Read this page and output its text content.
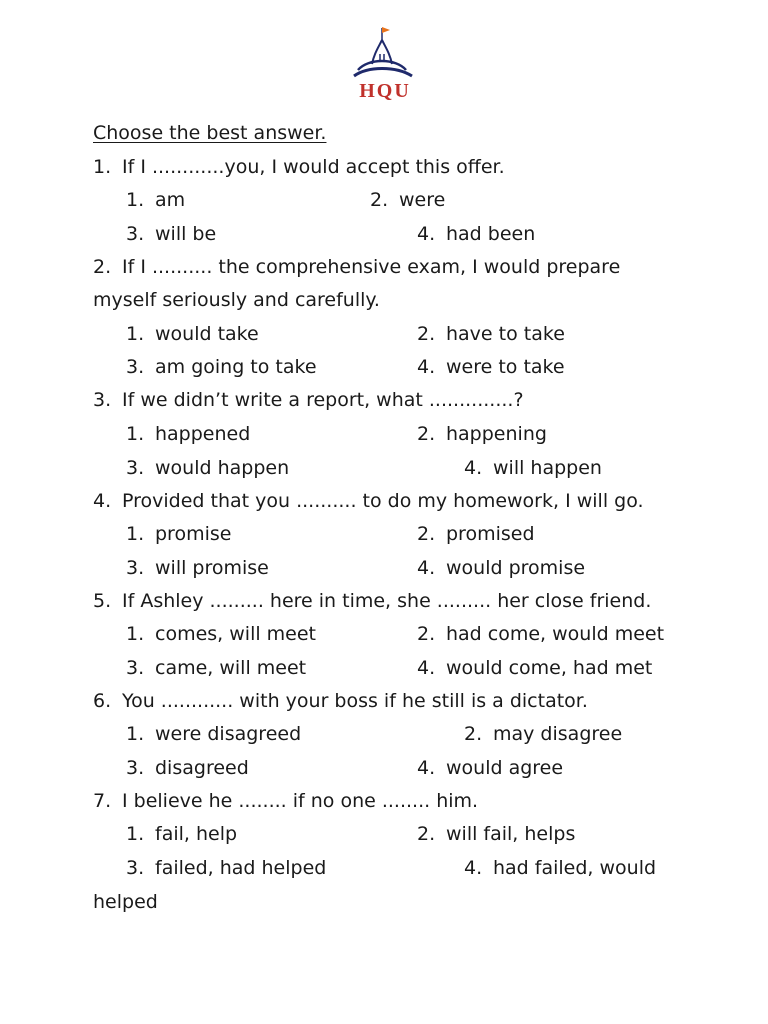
HQU
Choose the best answer.
1. If I ............you, I would accept this offer.
1. am	2. were
3. will be	4. had been
2. If I .......... the comprehensive exam, I would prepare
myself seriously and carefully.
1. would take	2. have to take
3. am going to take	4. were to take
3. If we didn’t write a report, what ..............?
1. happened	2. happening
3. would happen	4. will happen
4. Provided that you .......... to do my homework, I will go.
1. promise	2. promised
3. will promise	4. would promise
5. If Ashley ......... here in time, she ......... her close friend.
1. comes, will meet	2. had come, would meet
3. came, will meet	4. would come, had met
6. You ............ with your boss if he still is a dictator.
1. were disagreed	2. may disagree
3. disagreed	4. would agree
7. I believe he ........ if no one ........ him.
1. fail, help	2. will fail, helps
3. failed, had helped	4. had failed, would
helped
